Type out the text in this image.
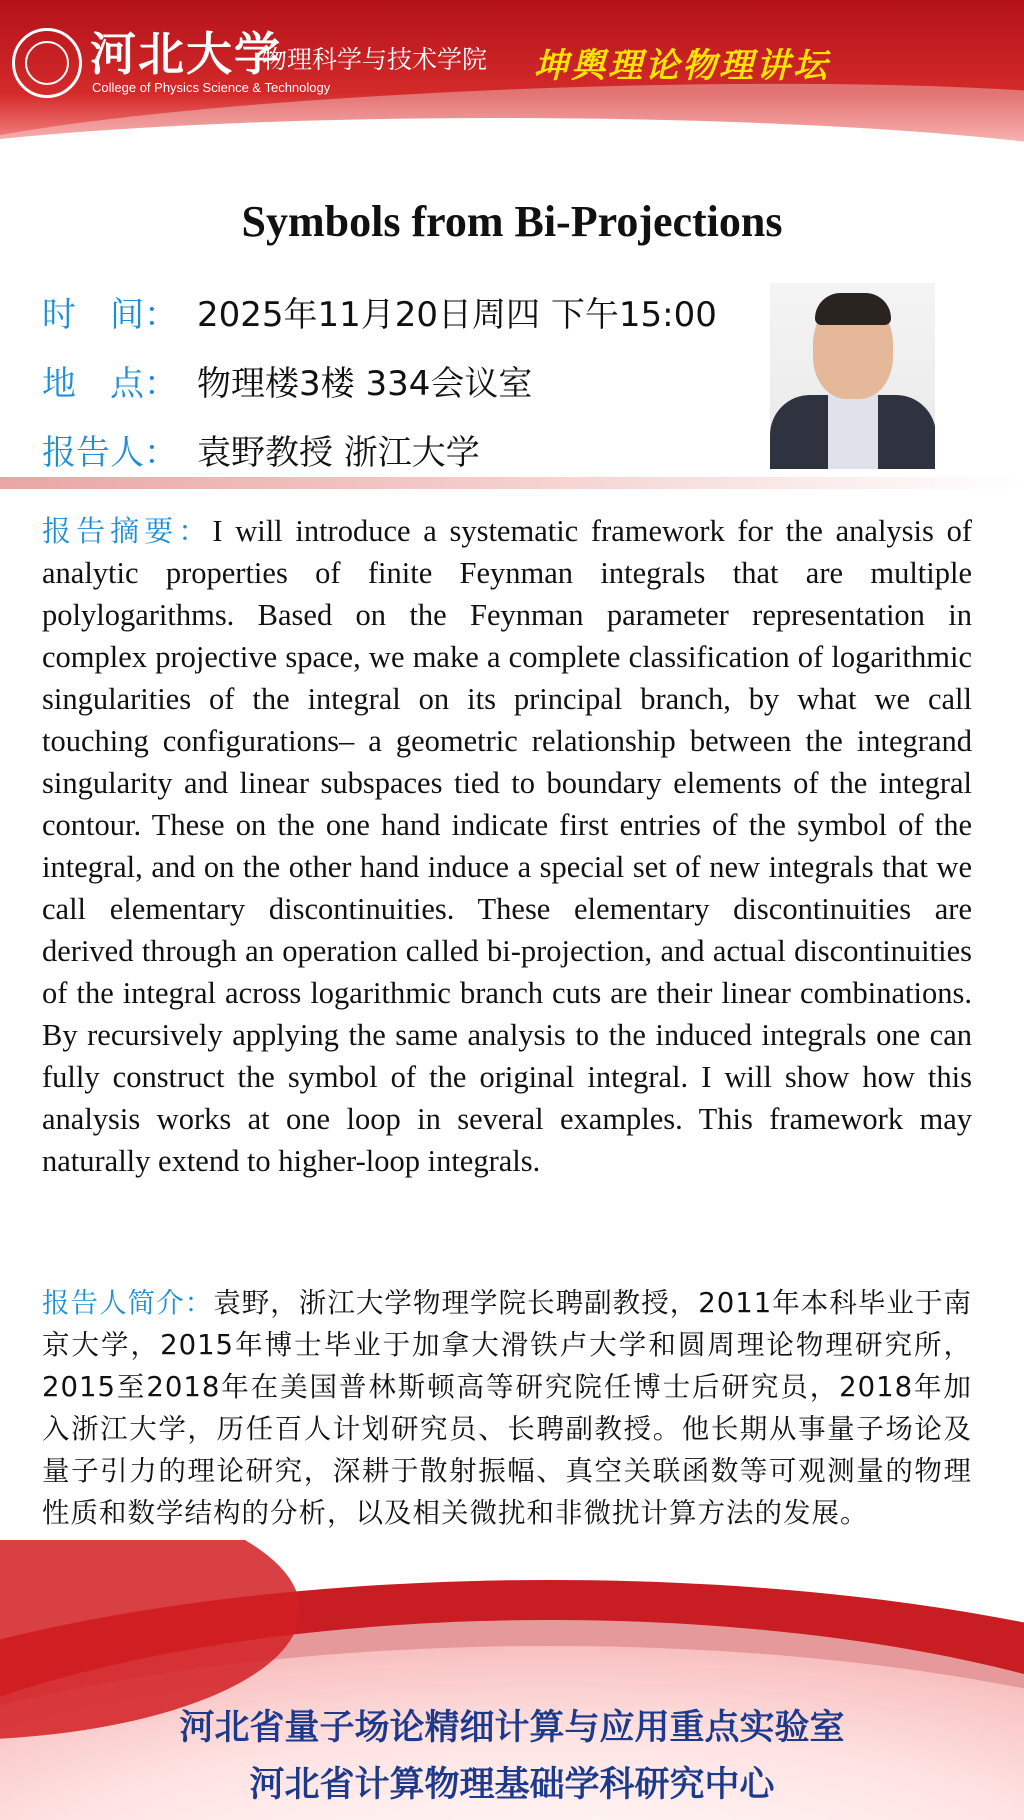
河北大学
物理科学与技术学院
College of Physics Science & Technology
坤舆理论物理讲坛
Symbols from Bi-Projections
时　间： 2025年11月20日周四 下午15:00
地　点： 物理楼3楼 334会议室
报告人： 袁野教授 浙江大学
报告摘要：I will introduce a systematic framework for the analysis of analytic properties of finite Feynman integrals that are multiple polylogarithms. Based on the Feynman parameter representation in complex projective space, we make a complete classification of logarithmic singularities of the integral on its principal branch, by what we call touching configurations– a geometric relationship between the integrand singularity and linear subspaces tied to boundary elements of the integral contour. These on the one hand indicate first entries of the symbol of the integral, and on the other hand induce a special set of new integrals that we call elementary discontinuities. These elementary discontinuities are derived through an operation called bi-projection, and actual discontinuities of the integral across logarithmic branch cuts are their linear combinations. By recursively applying the same analysis to the induced integrals one can fully construct the symbol of the original integral. I will show how this analysis works at one loop in several examples. This framework may naturally extend to higher-loop integrals.
报告人简介：袁野，浙江大学物理学院长聘副教授，2011年本科毕业于南京大学，2015年博士毕业于加拿大滑铁卢大学和圆周理论物理研究所，2015至2018年在美国普林斯顿高等研究院任博士后研究员，2018年加入浙江大学，历任百人计划研究员、长聘副教授。他长期从事量子场论及量子引力的理论研究，深耕于散射振幅、真空关联函数等可观测量的物理性质和数学结构的分析，以及相关微扰和非微扰计算方法的发展。
河北省量子场论精细计算与应用重点实验室
河北省计算物理基础学科研究中心
